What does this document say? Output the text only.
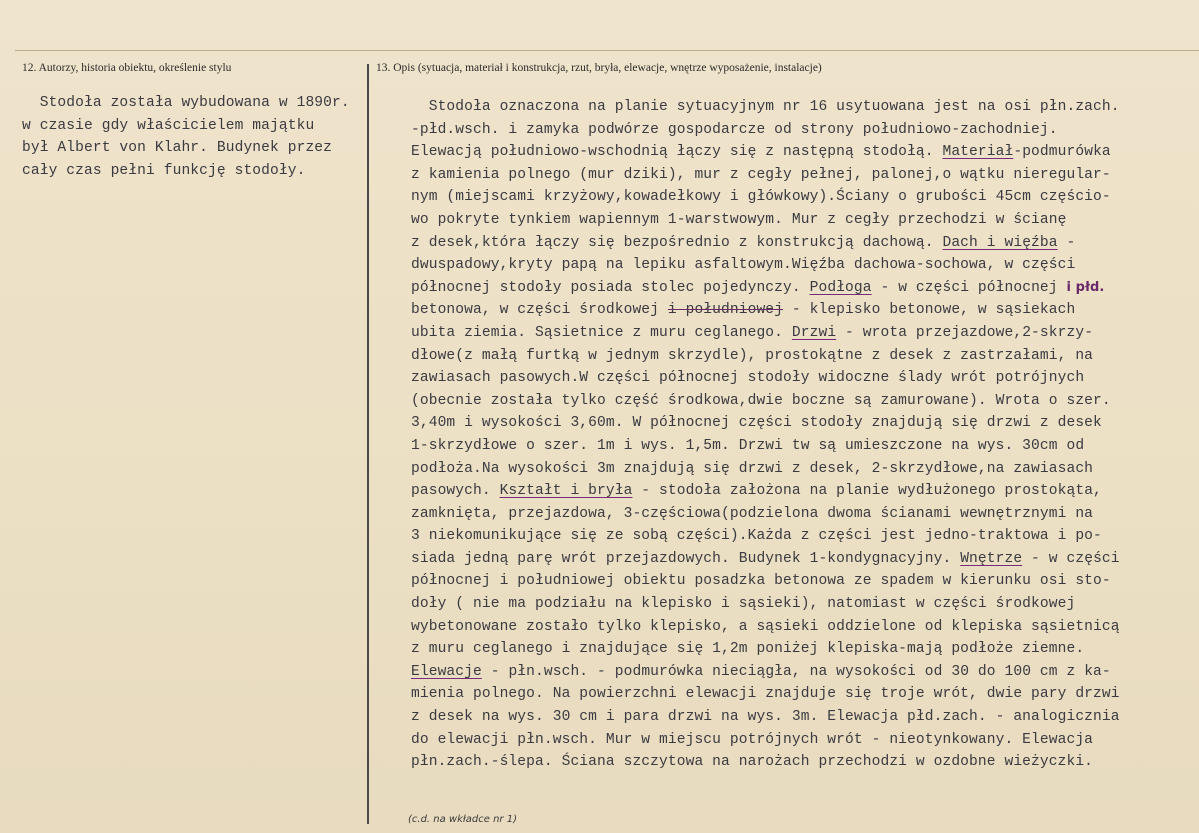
12. Autorzy, historia obiektu, określenie stylu	13. Opis (sytuacja, materiał i konstrukcja, rzut, bryła, elewacje, wnętrze wyposażenie, instalacje)
Stodoła została wybudowana w 1890r.
w czasie gdy właścicielem majątku
był Albert von Klahr. Budynek przez
cały czas pełni funkcję stodoły.
Stodoła oznaczona na planie sytuacyjnym nr 16 usytuowana jest na osi płn.zach.
-płd.wsch. i zamyka podwórze gospodarcze od strony południowo-zachodniej.
Elewacją południowo-wschodnią łączy się z następną stodołą. Materiał-podmurówka
z kamienia polnego (mur dziki), mur z cegły pełnej, palonej,o wątku nieregular-
nym (miejscami krzyżowy,kowadełkowy i główkowy).Ściany o grubości 45cm częścio-
wo pokryte tynkiem wapiennym 1-warstwowym. Mur z cegły przechodzi w ścianę
z desek,która łączy się bezpośrednio z konstrukcją dachową. Dach i więźba -
dwuspadowy,kryty papą na lepiku asfaltowym.Więźba dachowa-sochowa, w części
północnej stodoły posiada stolec pojedynczy. Podłoga - w części północnej i płd.
betonowa, w części środkowej i południowej - klepisko betonowe, w sąsiekach
ubita ziemia. Sąsietnice z muru ceglanego. Drzwi - wrota przejazdowe,2-skrzy-
dłowe(z małą furtką w jednym skrzydle), prostokątne z desek z zastrzałami, na
zawiasach pasowych.W części północnej stodoły widoczne ślady wrót potrójnych
(obecnie została tylko część środkowa,dwie boczne są zamurowane). Wrota o szer.
3,40m i wysokości 3,60m. W północnej części stodoły znajdują się drzwi z desek
1-skrzydłowe o szer. 1m i wys. 1,5m. Drzwi tw są umieszczone na wys. 30cm od
podłoża.Na wysokości 3m znajdują się drzwi z desek, 2-skrzydłowe,na zawiasach
pasowych. Kształt i bryła - stodoła założona na planie wydłużonego prostokąta,
zamknięta, przejazdowa, 3-częściowa(podzielona dwoma ścianami wewnętrznymi na
3 niekomunikujące się ze sobą części).Każda z części jest jedno-traktowa i po-
siada jedną parę wrót przejazdowych. Budynek 1-kondygnacyjny. Wnętrze - w części
północnej i południowej obiektu posadzka betonowa ze spadem w kierunku osi sto-
doły ( nie ma podziału na klepisko i sąsieki), natomiast w części środkowej
wybetonowane zostało tylko klepisko, a sąsieki oddzielone od klepiska sąsietnicą
z muru ceglanego i znajdujące się 1,2m poniżej klepiska-mają podłoże ziemne.
Elewacje - płn.wsch. - podmurówka nieciągła, na wysokości od 30 do 100 cm z ka-
mienia polnego. Na powierzchni elewacji znajduje się troje wrót, dwie pary drzwi
z desek na wys. 30 cm i para drzwi na wys. 3m. Elewacja płd.zach. - analogicznia
do elewacji płn.wsch. Mur w miejscu potrójnych wrót - nieotynkowany. Elewacja
płn.zach.-ślepa. Ściana szczytowa na narożach przechodzi w ozdobne wieżyczki.
(c.d. na wkładce nr 1)
